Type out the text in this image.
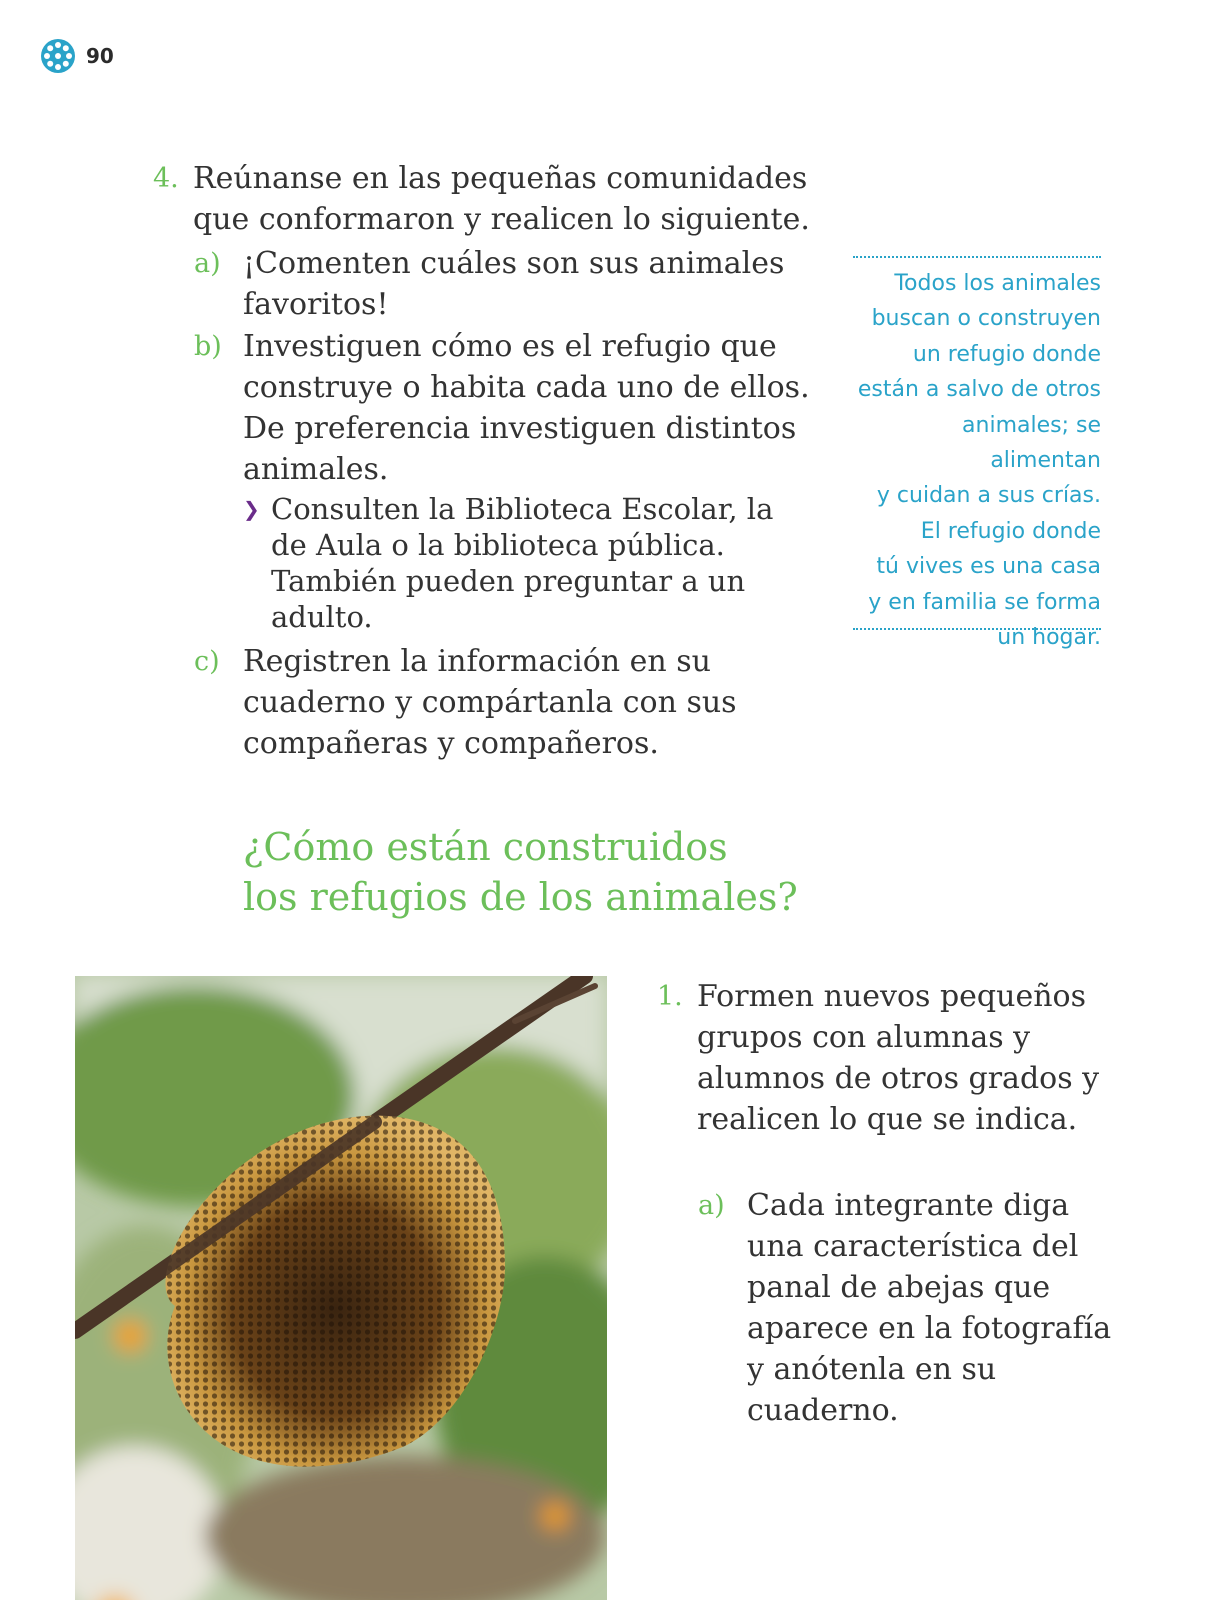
90

4. Reúnanse en las pequeñas comunidades que conformaron y realicen lo siguiente.

a) ¡Comenten cuáles son sus animales favoritos!

b) Investiguen cómo es el refugio que construye o habita cada uno de ellos. De preferencia investiguen distintos animales.

❯ Consulten la Biblioteca Escolar, la de Aula o la biblioteca pública. También pueden preguntar a un adulto.

c) Registren la información en su cuaderno y compártanla con sus compañeras y compañeros.

Todos los animales
buscan o construyen
un refugio donde
están a salvo de otros
animales; se alimentan
y cuidan a sus crías.
El refugio donde
tú vives es una casa
y en familia se forma
un hogar.

¿Cómo están construidos
los refugios de los animales?

1. Formen nuevos pequeños grupos con alumnas y alumnos de otros grados y realicen lo que se indica.

a) Cada integrante diga una característica del panal de abejas que aparece en la fotografía y anótenla en su cuaderno.
